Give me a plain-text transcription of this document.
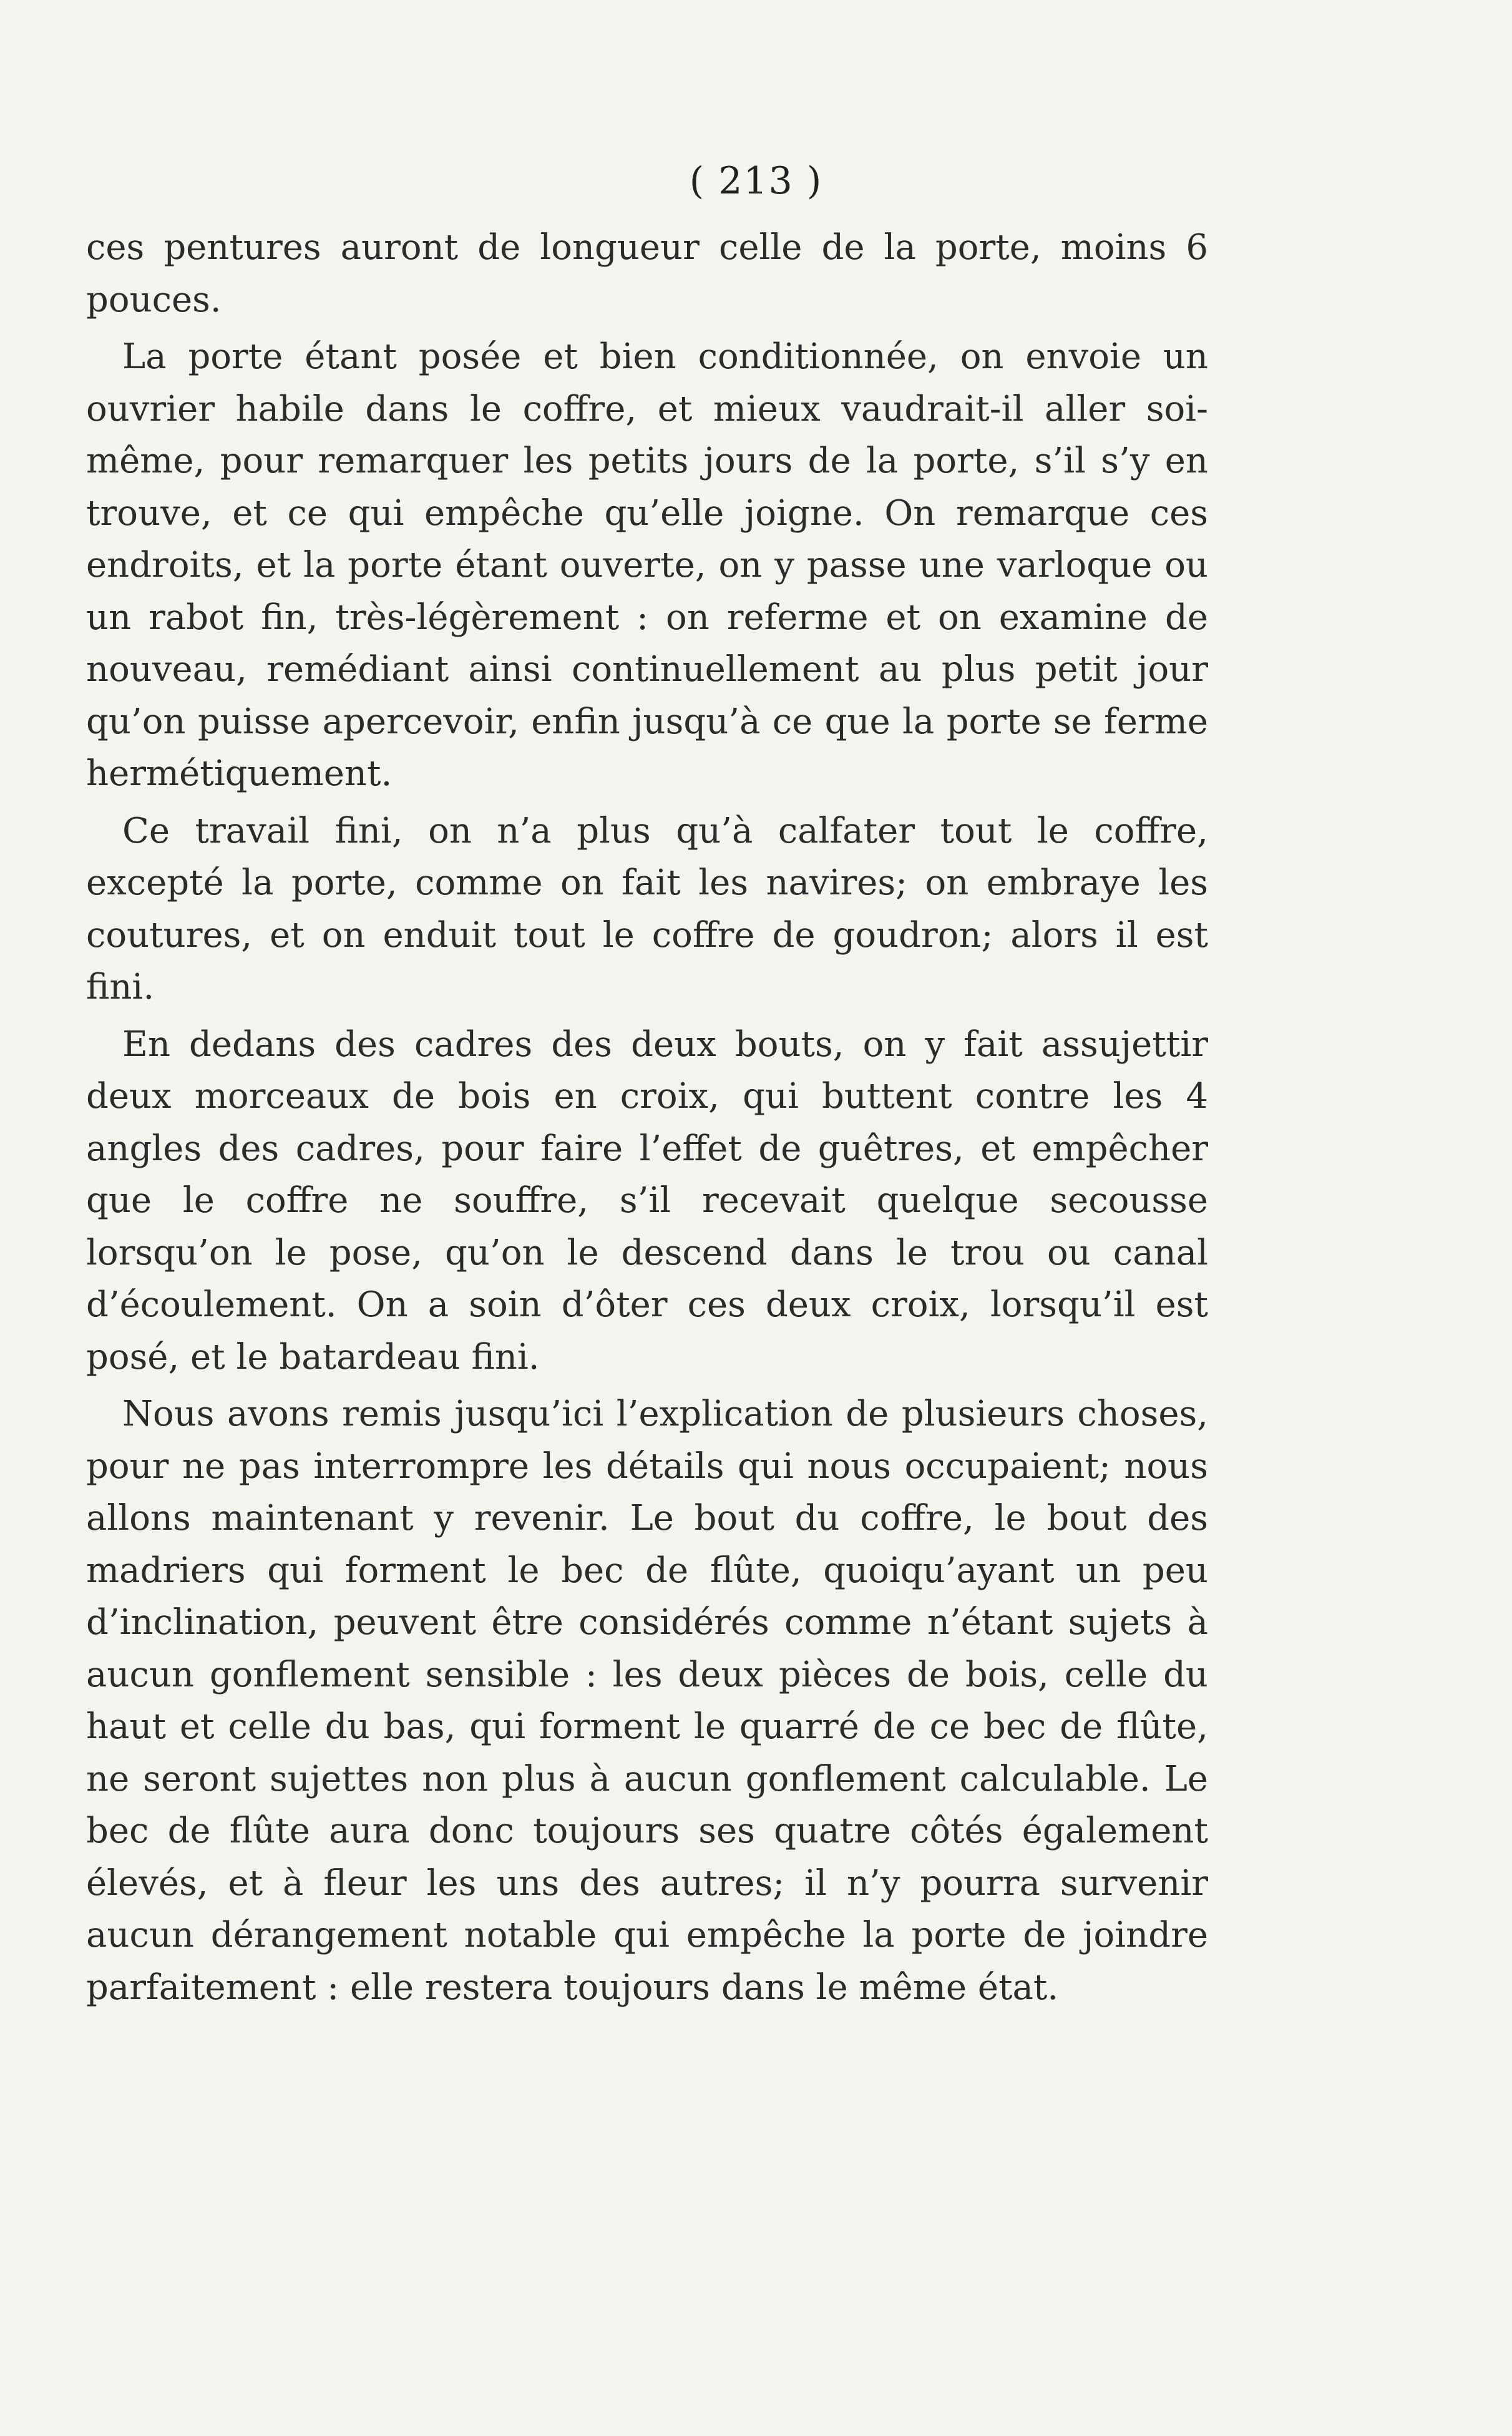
( 213 )

ces pentures auront de longueur celle de la porte, moins 6 pouces.

La porte étant posée et bien conditionnée, on envoie un ouvrier habile dans le coffre, et mieux vaudrait-il aller soi-même, pour remarquer les petits jours de la porte, s’il s’y en trouve, et ce qui empêche qu’elle joigne. On remarque ces endroits, et la porte étant ouverte, on y passe une varloque ou un rabot fin, très-légèrement : on referme et on examine de nouveau, remédiant ainsi continuellement au plus petit jour qu’on puisse apercevoir, enfin jusqu’à ce que la porte se ferme hermétiquement.

Ce travail fini, on n’a plus qu’à calfater tout le coffre, excepté la porte, comme on fait les navires; on embraye les coutures, et on enduit tout le coffre de goudron; alors il est fini.

En dedans des cadres des deux bouts, on y fait assujettir deux morceaux de bois en croix, qui buttent contre les 4 angles des cadres, pour faire l’effet de guêtres, et empêcher que le coffre ne souffre, s’il recevait quelque secousse lorsqu’on le pose, qu’on le descend dans le trou ou canal d’écoulement. On a soin d’ôter ces deux croix, lorsqu’il est posé, et le batardeau fini.

Nous avons remis jusqu’ici l’explication de plusieurs choses, pour ne pas interrompre les détails qui nous occupaient; nous allons maintenant y revenir. Le bout du coffre, le bout des madriers qui forment le bec de flûte, quoiqu’ayant un peu d’inclination, peuvent être considérés comme n’étant sujets à aucun gonflement sensible : les deux pièces de bois, celle du haut et celle du bas, qui forment le quarré de ce bec de flûte, ne seront sujettes non plus à aucun gonflement calculable. Le bec de flûte aura donc toujours ses quatre côtés également élevés, et à fleur les uns des autres; il n’y pourra survenir aucun dérangement notable qui empêche la porte de joindre parfaitement : elle restera toujours dans le même état.
